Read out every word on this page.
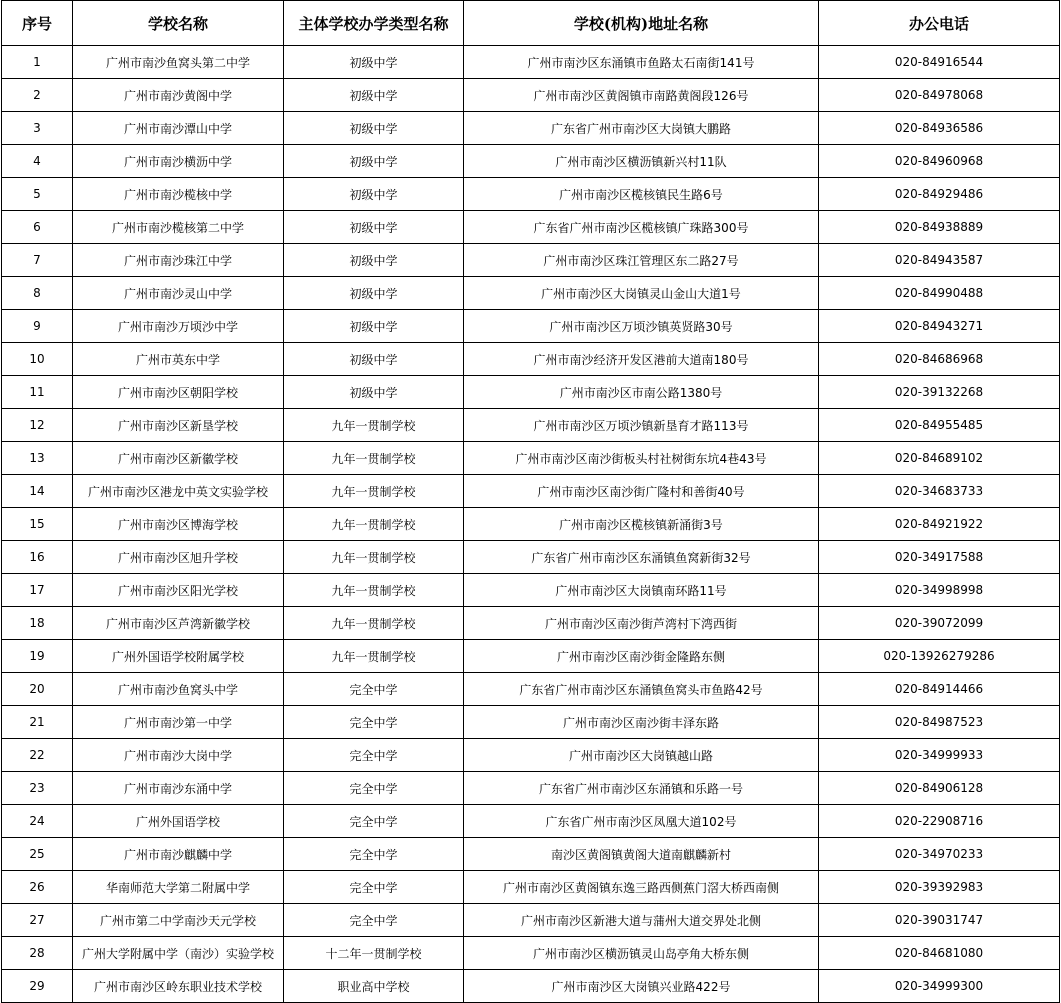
序号	学校名称	主体学校办学类型名称	学校(机构)地址名称	办公电话
1	广州市南沙鱼窝头第二中学	初级中学	广州市南沙区东涌镇市鱼路太石南街141号	020-84916544
2	广州市南沙黄阁中学	初级中学	广州市南沙区黄阁镇市南路黄阁段126号	020-84978068
3	广州市南沙潭山中学	初级中学	广东省广州市南沙区大岗镇大鹏路	020-84936586
4	广州市南沙横沥中学	初级中学	广州市南沙区横沥镇新兴村11队	020-84960968
5	广州市南沙榄核中学	初级中学	广州市南沙区榄核镇民生路6号	020-84929486
6	广州市南沙榄核第二中学	初级中学	广东省广州市南沙区榄核镇广珠路300号	020-84938889
7	广州市南沙珠江中学	初级中学	广州市南沙区珠江管理区东二路27号	020-84943587
8	广州市南沙灵山中学	初级中学	广州市南沙区大岗镇灵山金山大道1号	020-84990488
9	广州市南沙万顷沙中学	初级中学	广州市南沙区万顷沙镇英贤路30号	020-84943271
10	广州市英东中学	初级中学	广州市南沙经济开发区港前大道南180号	020-84686968
11	广州市南沙区朝阳学校	初级中学	广州市南沙区市南公路1380号	020-39132268
12	广州市南沙区新垦学校	九年一贯制学校	广州市南沙区万顷沙镇新垦育才路113号	020-84955485
13	广州市南沙区新徽学校	九年一贯制学校	广州市南沙区南沙街板头村社树街东坑4巷43号	020-84689102
14	广州市南沙区港龙中英文实验学校	九年一贯制学校	广州市南沙区南沙街广隆村和善街40号	020-34683733
15	广州市南沙区博海学校	九年一贯制学校	广州市南沙区榄核镇新涌街3号	020-84921922
16	广州市南沙区旭升学校	九年一贯制学校	广东省广州市南沙区东涌镇鱼窝新街32号	020-34917588
17	广州市南沙区阳光学校	九年一贯制学校	广州市南沙区大岗镇南环路11号	020-34998998
18	广州市南沙区芦湾新徽学校	九年一贯制学校	广州市南沙区南沙街芦湾村下湾西街	020-39072099
19	广州外国语学校附属学校	九年一贯制学校	广州市南沙区南沙街金隆路东侧	020-13926279286
20	广州市南沙鱼窝头中学	完全中学	广东省广州市南沙区东涌镇鱼窝头市鱼路42号	020-84914466
21	广州市南沙第一中学	完全中学	广州市南沙区南沙街丰泽东路	020-84987523
22	广州市南沙大岗中学	完全中学	广州市南沙区大岗镇越山路	020-34999933
23	广州市南沙东涌中学	完全中学	广东省广州市南沙区东涌镇和乐路一号	020-84906128
24	广州外国语学校	完全中学	广东省广州市南沙区凤凰大道102号	020-22908716
25	广州市南沙麒麟中学	完全中学	南沙区黄阁镇黄阁大道南麒麟新村	020-34970233
26	华南师范大学第二附属中学	完全中学	广州市南沙区黄阁镇东逸三路西侧蕉门滘大桥西南侧	020-39392983
27	广州市第二中学南沙天元学校	完全中学	广州市南沙区新港大道与蒲州大道交界处北侧	020-39031747
28	广州大学附属中学（南沙）实验学校	十二年一贯制学校	广州市南沙区横沥镇灵山岛亭角大桥东侧	020-84681080
29	广州市南沙区岭东职业技术学校	职业高中学校	广州市南沙区大岗镇兴业路422号	020-34999300
